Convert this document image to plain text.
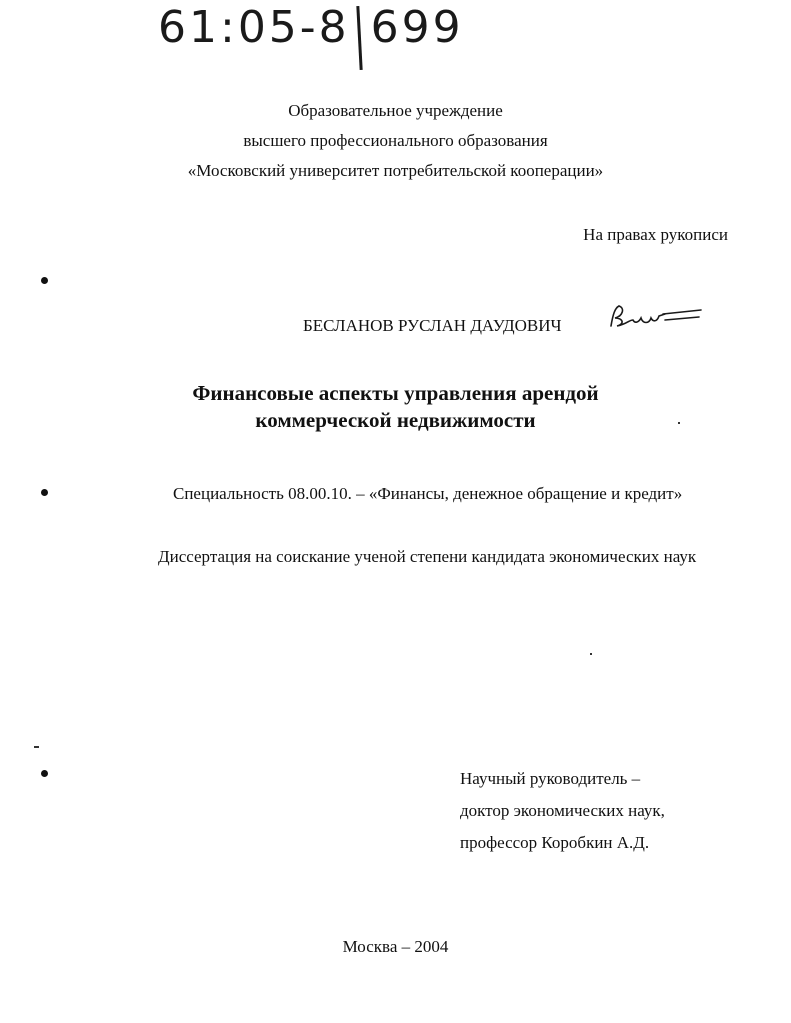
61:05-8 699
Образовательное учреждение
высшего профессионального образования
«Московский университет потребительской кооперации»
На правах рукописи
БЕСЛАНОВ РУСЛАН ДАУДОВИЧ
Финансовые аспекты управления арендой
коммерческой недвижимости
Специальность 08.00.10. – «Финансы, денежное обращение и кредит»
Диссертация на соискание ученой степени кандидата экономических наук
Научный руководитель –
доктор экономических наук,
профессор Коробкин А.Д.
Москва – 2004
